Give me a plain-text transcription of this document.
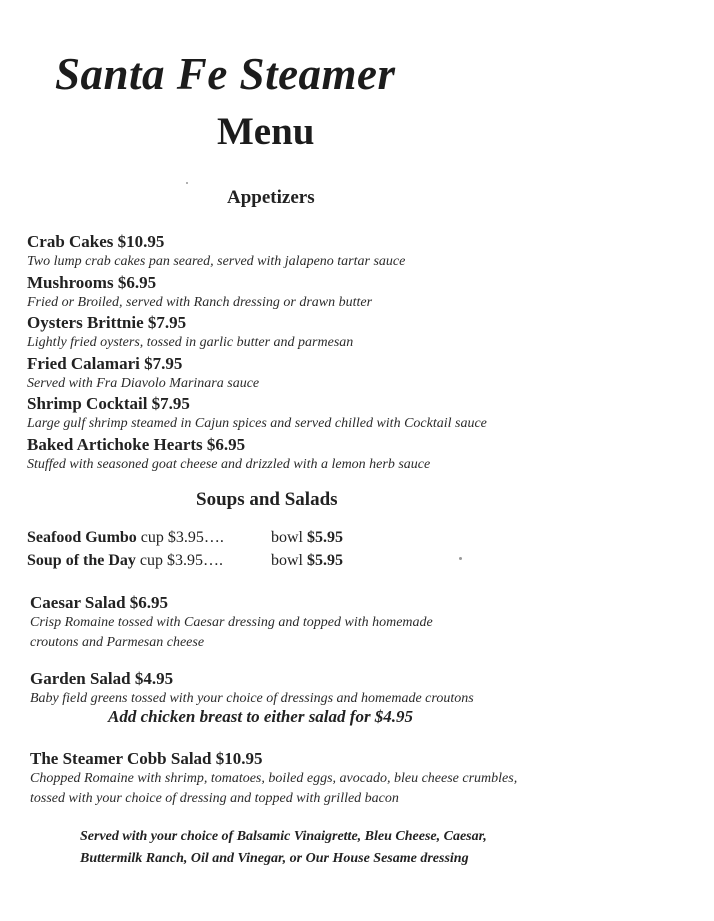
Santa Fe Steamer
Menu
Appetizers
Crab Cakes $10.95
Two lump crab cakes pan seared, served with jalapeno tartar sauce
Mushrooms $6.95
Fried or Broiled, served with Ranch dressing or drawn butter
Oysters Brittnie $7.95
Lightly fried oysters, tossed in garlic butter and parmesan
Fried Calamari $7.95
Served with Fra Diavolo Marinara sauce
Shrimp Cocktail $7.95
Large gulf shrimp steamed in Cajun spices and served chilled with Cocktail sauce
Baked Artichoke Hearts $6.95
Stuffed with seasoned goat cheese and drizzled with a lemon herb sauce
Soups and Salads
Seafood Gumbo cup $3.95….	bowl $5.95
Soup of the Day cup $3.95….	bowl $5.95
Caesar Salad $6.95
Crisp Romaine tossed with Caesar dressing and topped with homemade
croutons and Parmesan cheese
Garden Salad $4.95
Baby field greens tossed with your choice of dressings and homemade croutons
Add chicken breast to either salad for $4.95
The Steamer Cobb Salad $10.95
Chopped Romaine with shrimp, tomatoes, boiled eggs, avocado, bleu cheese crumbles,
tossed with your choice of dressing and topped with grilled bacon
Served with your choice of Balsamic Vinaigrette, Bleu Cheese, Caesar,
Buttermilk Ranch, Oil and Vinegar, or Our House Sesame dressing
